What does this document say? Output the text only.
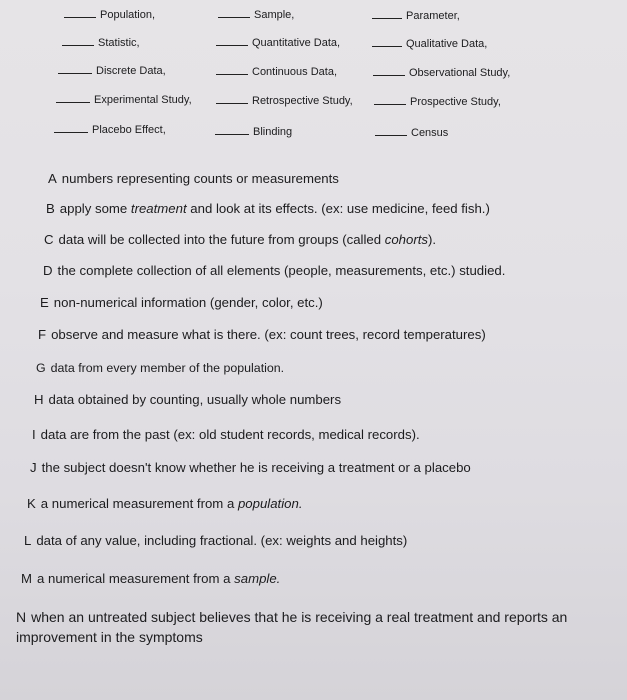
Population,	Sample,	Parameter,
Statistic,	Quantitative Data,	Qualitative Data,
Discrete Data,	Continuous Data,	Observational Study,
Experimental Study,	Retrospective Study,	Prospective Study,
Placebo Effect,	Blinding	Census
A numbers representing counts or measurements
B apply some treatment and look at its effects. (ex: use medicine, feed fish.)
C data will be collected into the future from groups (called cohorts).
D the complete collection of all elements (people, measurements, etc.) studied.
E non-numerical information (gender, color, etc.)
F observe and measure what is there. (ex: count trees, record temperatures)
G data from every member of the population.
H data obtained by counting, usually whole numbers
I data are from the past (ex: old student records, medical records).
J the subject doesn't know whether he is receiving a treatment or a placebo
K a numerical measurement from a population.
L data of any value, including fractional. (ex: weights and heights)
M a numerical measurement from a sample.
N when an untreated subject believes that he is receiving a real treatment and reports an improvement in the symptoms
